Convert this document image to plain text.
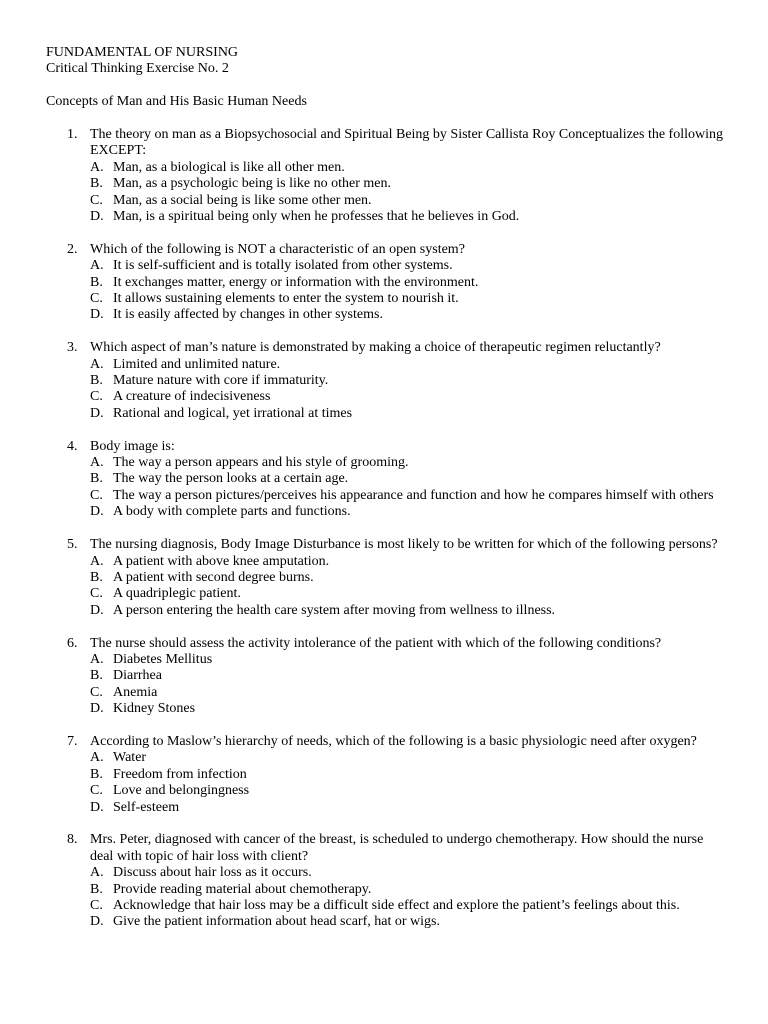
FUNDAMENTAL OF NURSING
Critical Thinking Exercise No. 2
Concepts of Man and His Basic Human Needs
1. The theory on man as a Biopsychosocial and Spiritual Being by Sister Callista Roy Conceptualizes the following EXCEPT:
A. Man, as a biological is like all other men.
B. Man, as a psychologic being is like no other men.
C. Man, as a social being is like some other men.
D. Man, is a spiritual being only when he professes that he believes in God.
2. Which of the following is NOT a characteristic of an open system?
A. It is self-sufficient and is totally isolated from other systems.
B. It exchanges matter, energy or information with the environment.
C. It allows sustaining elements to enter the system to nourish it.
D. It is easily affected by changes in other systems.
3. Which aspect of man’s nature is demonstrated by making a choice of therapeutic regimen reluctantly?
A. Limited and unlimited nature.
B. Mature nature with core if immaturity.
C. A creature of indecisiveness
D. Rational and logical, yet irrational at times
4. Body image is:
A. The way a person appears and his style of grooming.
B. The way the person looks at a certain age.
C. The way a person pictures/perceives his appearance and function and how he compares himself with others
D. A body with complete parts and functions.
5. The nursing diagnosis, Body Image Disturbance is most likely to be written for which of the following persons?
A. A patient with above knee amputation.
B. A patient with second degree burns.
C. A quadriplegic patient.
D. A person entering the health care system after moving from wellness to illness.
6. The nurse should assess the activity intolerance of the patient with which of the following conditions?
A. Diabetes Mellitus
B. Diarrhea
C. Anemia
D. Kidney Stones
7. According to Maslow’s hierarchy of needs, which of the following is a basic physiologic need after oxygen?
A. Water
B. Freedom from infection
C. Love and belongingness
D. Self-esteem
8. Mrs. Peter, diagnosed with cancer of the breast, is scheduled to undergo chemotherapy. How should the nurse deal with topic of hair loss with client?
A. Discuss about hair loss as it occurs.
B. Provide reading material about chemotherapy.
C. Acknowledge that hair loss may be a difficult side effect and explore the patient’s feelings about this.
D. Give the patient information about head scarf, hat or wigs.
